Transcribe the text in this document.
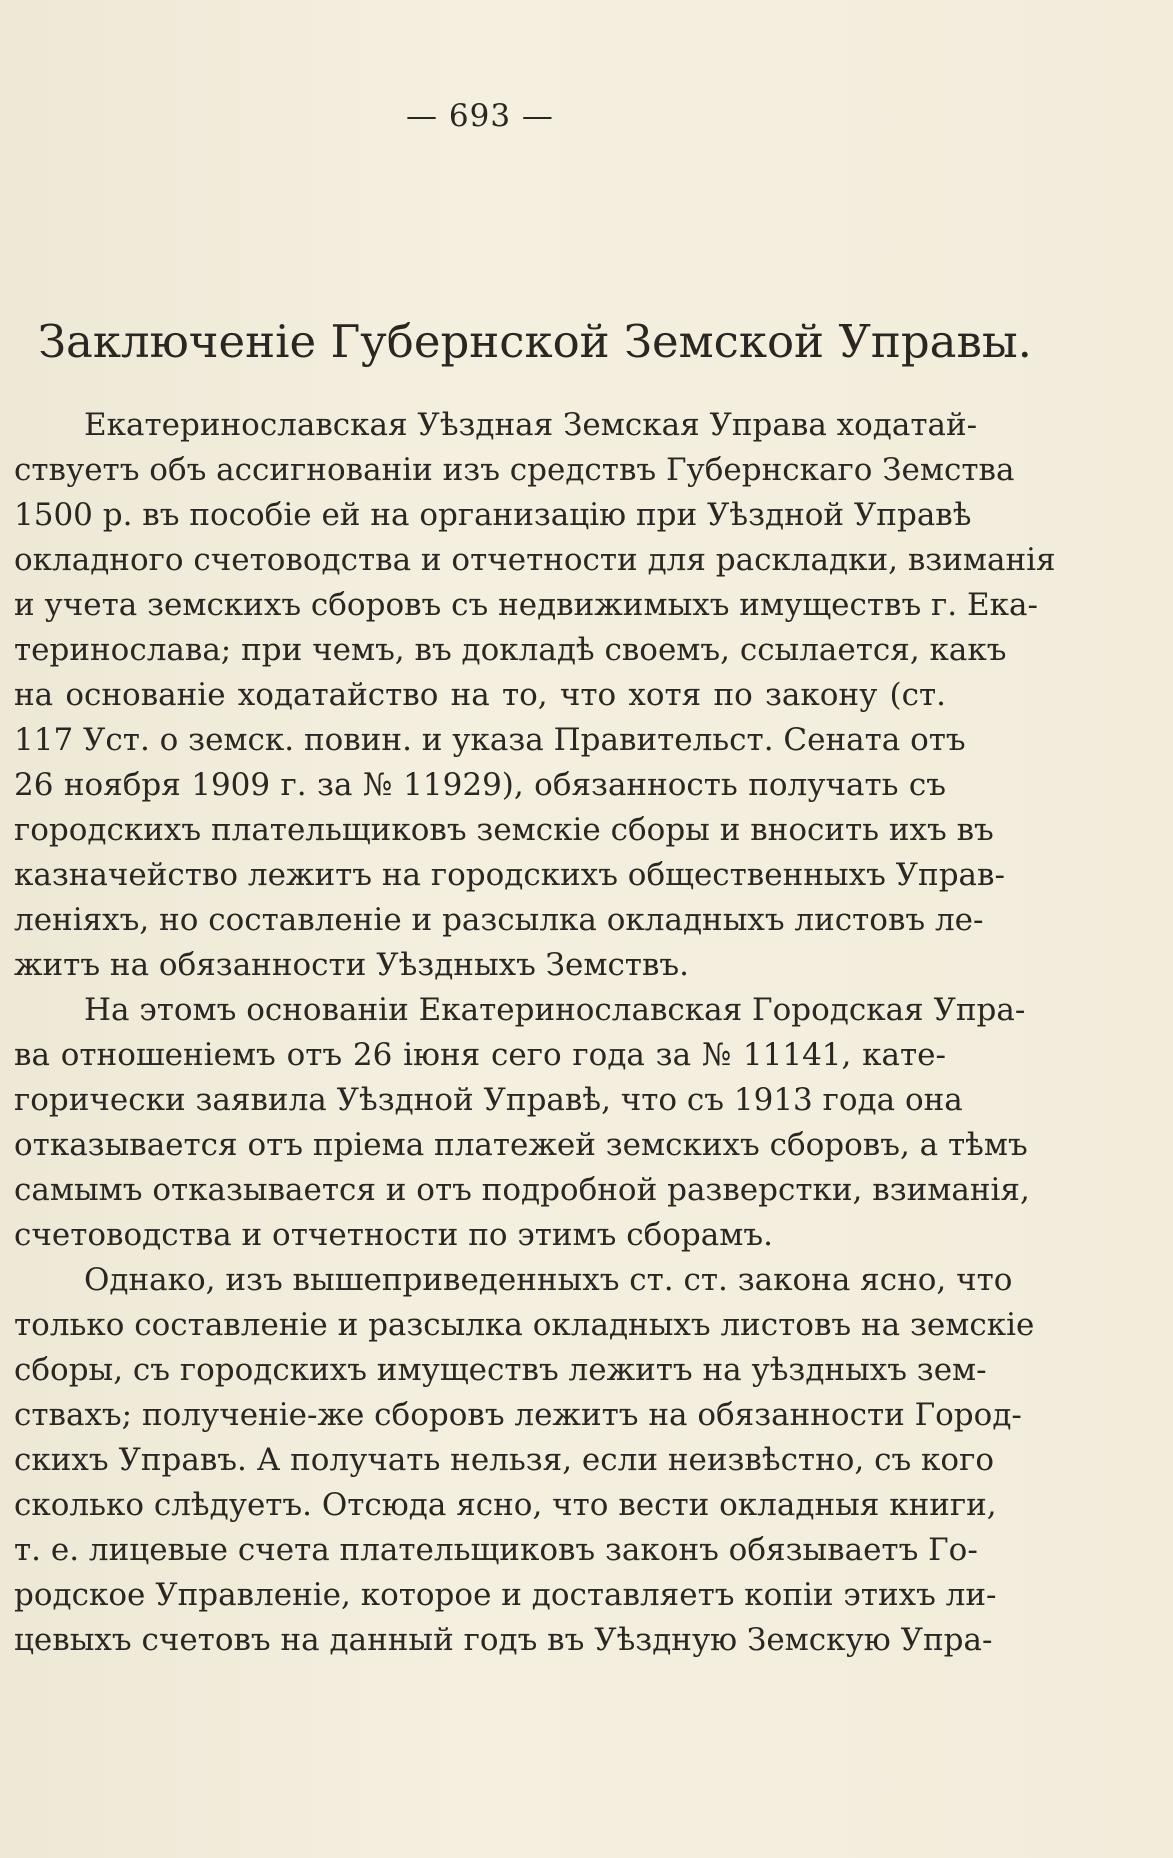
— 693 —
Заключеніе Губернской Земской Управы.
Екатеринославская Уѣздная Земская Управа ходатай-
ствуетъ объ ассигнованіи изъ средствъ Губернскаго Земства
1500 р. въ пособіе ей на организацію при Уѣздной Управѣ
окладного счетоводства и отчетности для раскладки, взиманія
и учета земскихъ сборовъ съ недвижимыхъ имуществъ г. Ека-
теринослава; при чемъ, въ докладѣ своемъ, ссылается, какъ
на основаніе ходатайство на то, что хотя по закону (ст.
117 Уст. о земск. повин. и указа Правительст. Сената отъ
26 ноября 1909 г. за № 11929), обязанность получать съ
городскихъ плательщиковъ земскіе сборы и вносить ихъ въ
казначейство лежитъ на городскихъ общественныхъ Управ-
леніяхъ, но составленіе и разсылка окладныхъ листовъ ле-
житъ на обязанности Уѣздныхъ Земствъ.
На этомъ основаніи Екатеринославская Городская Упра-
ва отношеніемъ отъ 26 іюня сего года за № 11141, кате-
горически заявила Уѣздной Управѣ, что съ 1913 года она
отказывается отъ пріема платежей земскихъ сборовъ, а тѣмъ
самымъ отказывается и отъ подробной разверстки, взиманія,
счетоводства и отчетности по этимъ сборамъ.
Однако, изъ вышеприведенныхъ ст. ст. закона ясно, что
только составленіе и разсылка окладныхъ листовъ на земскіе
сборы, съ городскихъ имуществъ лежитъ на уѣздныхъ зем-
ствахъ; полученіе-же сборовъ лежитъ на обязанности Город-
скихъ Управъ. А получать нельзя, если неизвѣстно, съ кого
сколько слѣдуетъ. Отсюда ясно, что вести окладныя книги,
т. е. лицевые счета плательщиковъ законъ обязываетъ Го-
родское Управленіе, которое и доставляетъ копіи этихъ ли-
цевыхъ счетовъ на данный годъ въ Уѣздную Земскую Упра-
